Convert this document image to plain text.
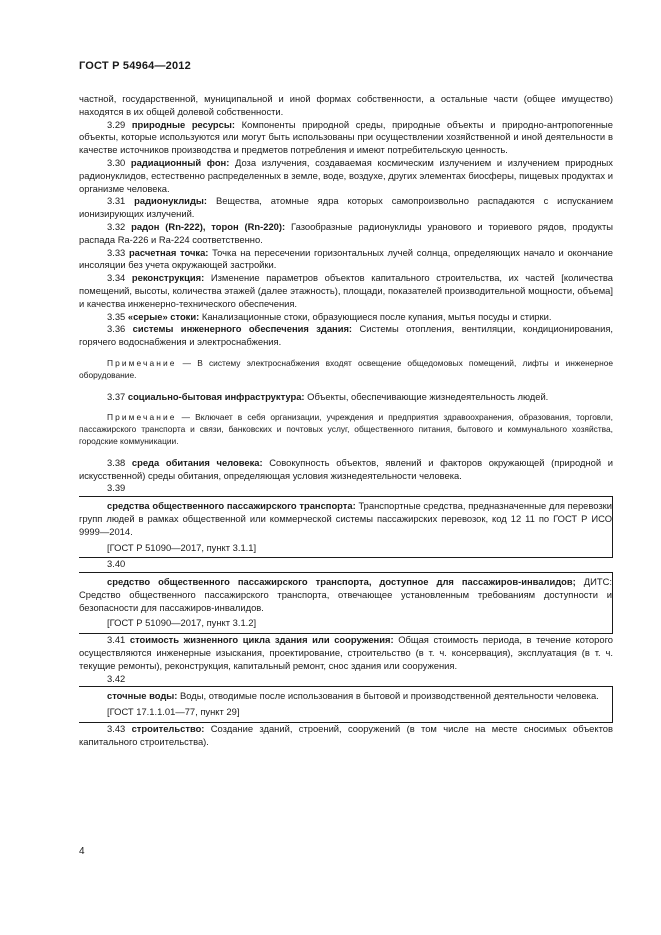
ГОСТ Р 54964—2012

частной, государственной, муниципальной и иной формах собственности, а остальные части (общее имущество) находятся в их общей долевой собственности.

3.29 природные ресурсы: Компоненты природной среды, природные объекты и природно-антропогенные объекты, которые используются или могут быть использованы при осуществлении хозяйственной и иной деятельности в качестве источников производства и предметов потребления и имеют потребительскую ценность.

3.30 радиационный фон: Доза излучения, создаваемая космическим излучением и излучением природных радионуклидов, естественно распределенных в земле, воде, воздухе, других элементах биосферы, пищевых продуктах и организме человека.

3.31 радионуклиды: Вещества, атомные ядра которых самопроизвольно распадаются с испусканием ионизирующих излучений.

3.32 радон (Rn-222), торон (Rn-220): Газообразные радионуклиды уранового и ториевого рядов, продукты распада Ra-226 и Ra-224 соответственно.

3.33 расчетная точка: Точка на пересечении горизонтальных лучей солнца, определяющих начало и окончание инсоляции без учета окружающей застройки.

3.34 реконструкция: Изменение параметров объектов капитального строительства, их частей [количества помещений, высоты, количества этажей (далее этажность), площади, показателей производительной мощности, объема] и качества инженерно-технического обеспечения.

3.35 «серые» стоки: Канализационные стоки, образующиеся после купания, мытья посуды и стирки.

3.36 системы инженерного обеспечения здания: Системы отопления, вентиляции, кондиционирования, горячего водоснабжения и электроснабжения.

Примечание — В систему электроснабжения входят освещение общедомовых помещений, лифты и инженерное оборудование.

3.37 социально-бытовая инфраструктура: Объекты, обеспечивающие жизнедеятельность людей.

Примечание — Включает в себя организации, учреждения и предприятия здравоохранения, образования, торговли, пассажирского транспорта и связи, банковских и почтовых услуг, общественного питания, бытового и коммунального хозяйства, городские коммуникации.

3.38 среда обитания человека: Совокупность объектов, явлений и факторов окружающей (природной и искусственной) среды обитания, определяющая условия жизнедеятельности человека.

3.39

средства общественного пассажирского транспорта: Транспортные средства, предназначенные для перевозки групп людей в рамках общественной или коммерческой системы пассажирских перевозок, код 12 11 по ГОСТ Р ИСО 9999—2014.

[ГОСТ Р 51090—2017, пункт 3.1.1]

3.40

средство общественного пассажирского транспорта, доступное для пассажиров-инвалидов; ДИТС: Средство общественного пассажирского транспорта, отвечающее установленным требованиям доступности и безопасности для пассажиров-инвалидов.

[ГОСТ Р 51090—2017, пункт 3.1.2]

3.41 стоимость жизненного цикла здания или сооружения: Общая стоимость периода, в течение которого осуществляются инженерные изыскания, проектирование, строительство (в т. ч. консервация), эксплуатация (в т. ч. текущие ремонты), реконструкция, капитальный ремонт, снос здания или сооружения.

3.42

сточные воды: Воды, отводимые после использования в бытовой и производственной деятельности человека.

[ГОСТ 17.1.1.01—77, пункт 29]

3.43 строительство: Создание зданий, строений, сооружений (в том числе на месте сносимых объектов капитального строительства).

4
